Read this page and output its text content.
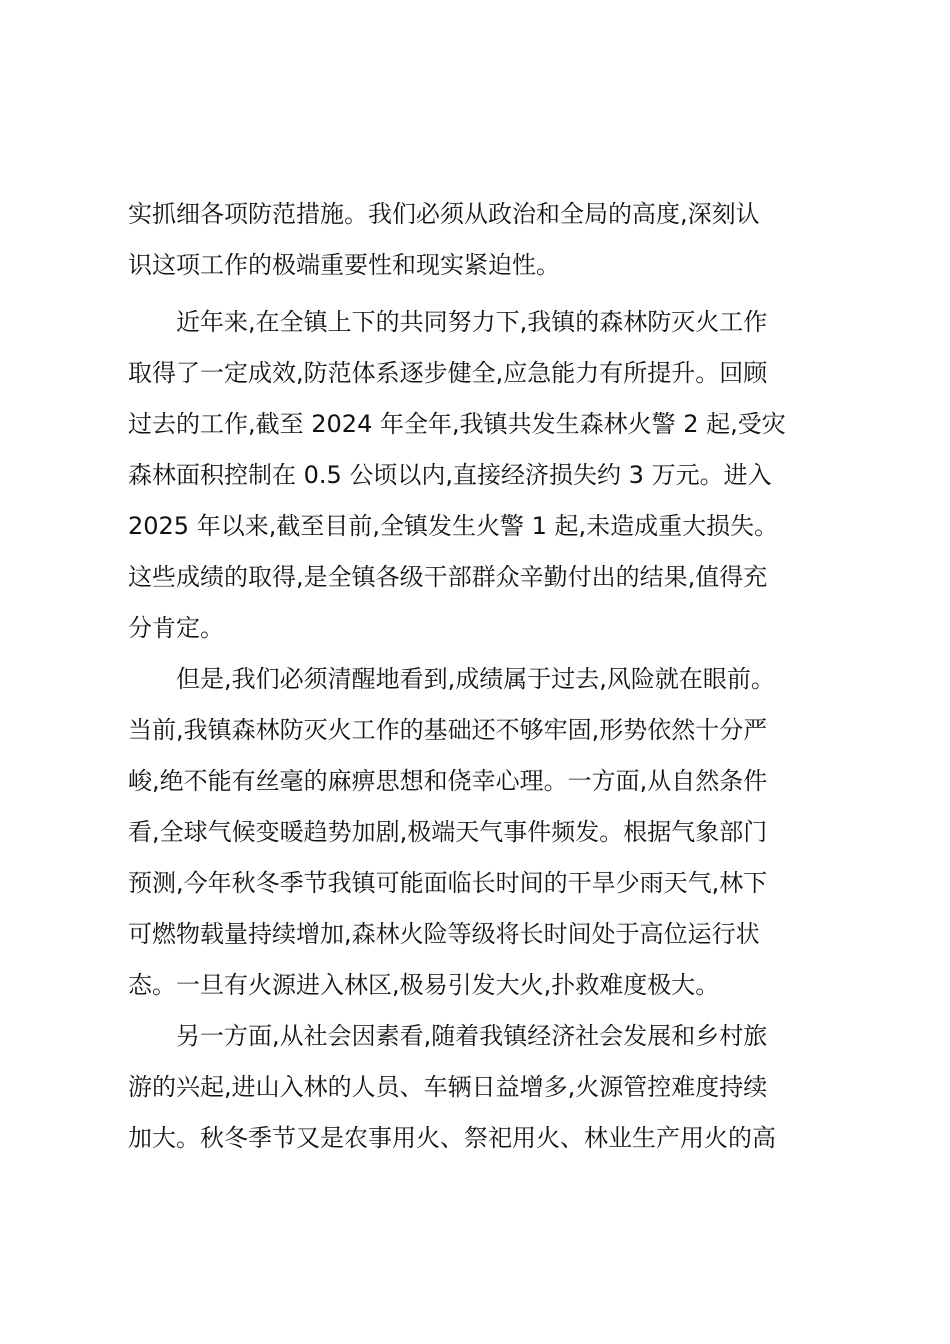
实抓细各项防范措施。我们必须从政治和全局的高度,深刻认
识这项工作的极端重要性和现实紧迫性。
　　近年来,在全镇上下的共同努力下,我镇的森林防灭火工作
取得了一定成效,防范体系逐步健全,应急能力有所提升。回顾
过去的工作,截至 2024 年全年,我镇共发生森林火警 2 起,受灾
森林面积控制在 0.5 公顷以内,直接经济损失约 3 万元。进入
2025 年以来,截至目前,全镇发生火警 1 起,未造成重大损失。
这些成绩的取得,是全镇各级干部群众辛勤付出的结果,值得充
分肯定。
　　但是,我们必须清醒地看到,成绩属于过去,风险就在眼前。
当前,我镇森林防灭火工作的基础还不够牢固,形势依然十分严
峻,绝不能有丝毫的麻痹思想和侥幸心理。一方面,从自然条件
看,全球气候变暖趋势加剧,极端天气事件频发。根据气象部门
预测,今年秋冬季节我镇可能面临长时间的干旱少雨天气,林下
可燃物载量持续增加,森林火险等级将长时间处于高位运行状
态。一旦有火源进入林区,极易引发大火,扑救难度极大。
　　另一方面,从社会因素看,随着我镇经济社会发展和乡村旅
游的兴起,进山入林的人员、车辆日益增多,火源管控难度持续
加大。秋冬季节又是农事用火、祭祀用火、林业生产用火的高
